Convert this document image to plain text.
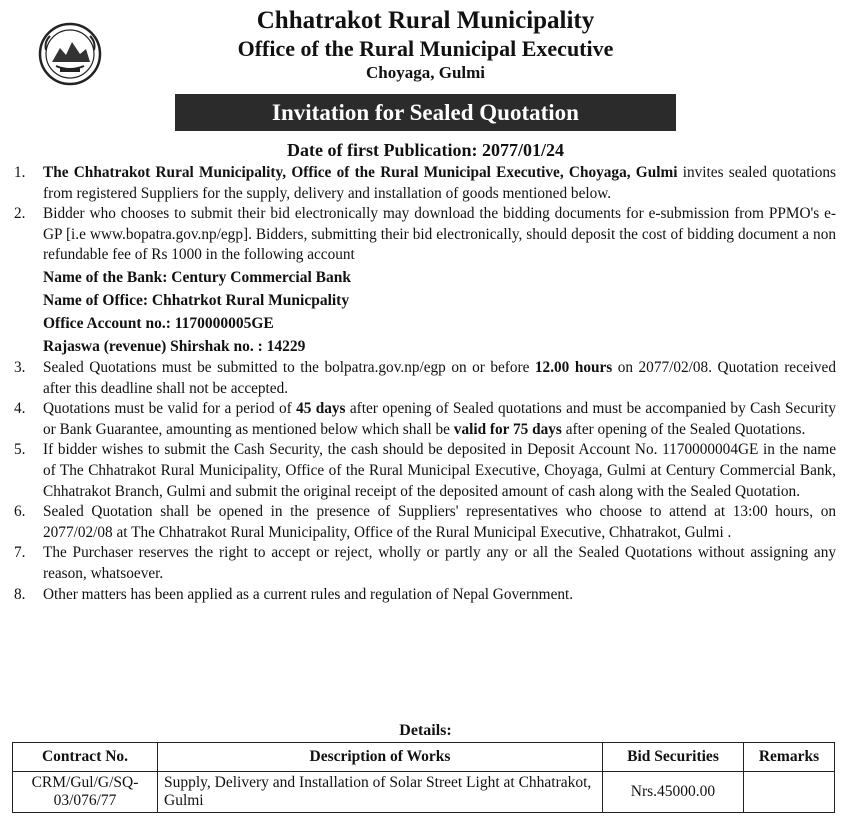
Chhatrakot Rural Municipality
Office of the Rural Municipal Executive
Choyaga, Gulmi
Invitation for Sealed Quotation
Date of first Publication: 2077/01/24
1.	The Chhatrakot Rural Municipality, Office of the Rural Municipal Executive, Choyaga, Gulmi invites sealed quotations from registered Suppliers for the supply, delivery and installation of goods mentioned below.
2.	Bidder who chooses to submit their bid electronically may download the bidding documents for e-submission from PPMO's e-GP [i.e www.bopatra.gov.np/egp]. Bidders, submitting their bid electronically, should deposit the cost of bidding document a non refundable fee of Rs 1000 in the following account
Name of the Bank: Century Commercial Bank
Name of Office: Chhatrkot Rural Municpality
Office Account no.: 1170000005GE
Rajaswa (revenue) Shirshak no. : 14229
3.	Sealed Quotations must be submitted to the bolpatra.gov.np/egp on or before 12.00 hours on 2077/02/08. Quotation received after this deadline shall not be accepted.
4.	Quotations must be valid for a period of 45 days after opening of Sealed quotations and must be accompanied by Cash Security or Bank Guarantee, amounting as mentioned below which shall be valid for 75 days after opening of the Sealed Quotations.
5.	If bidder wishes to submit the Cash Security, the cash should be deposited in Deposit Account No. 1170000004GE in the name of The Chhatrakot Rural Municipality, Office of the Rural Municipal Executive, Choyaga, Gulmi at Century Commercial Bank, Chhatrakot Branch, Gulmi and submit the original receipt of the deposited amount of cash along with the Sealed Quotation.
6.	Sealed Quotation shall be opened in the presence of Suppliers' representatives who choose to attend at 13:00 hours, on 2077/02/08 at The Chhatrakot Rural Municipality, Office of the Rural Municipal Executive, Chhatrakot, Gulmi .
7.	The Purchaser reserves the right to accept or reject, wholly or partly any or all the Sealed Quotations without assigning any reason, whatsoever.
8.	Other matters has been applied as a current rules and regulation of Nepal Government.
Details:
Contract No.	Description of Works	Bid Securities	Remarks
CRM/Gul/G/SQ-03/076/77	Supply, Delivery and Installation of Solar Street Light at Chhatrakot, Gulmi	Nrs.45000.00	
